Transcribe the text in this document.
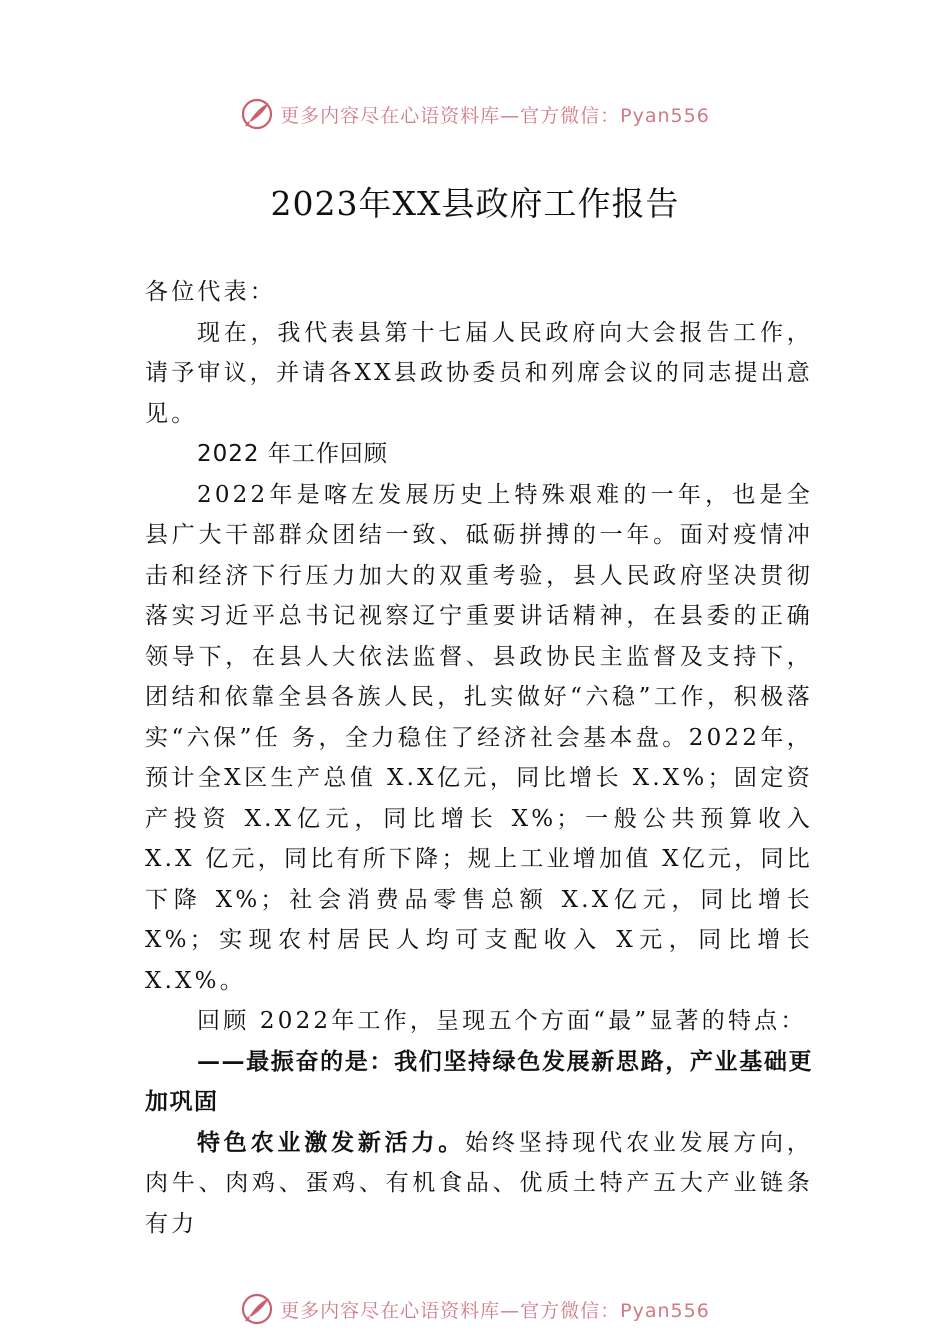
更多内容尽在心语资料库—官方微信：Pyan556
2023年XX县政府工作报告

各位代表：

现在，我代表县第十七届人民政府向大会报告工作，请予审议，并请各XX县政协委员和列席会议的同志提出意见。

2022 年工作回顾

2022年是喀左发展历史上特殊艰难的一年，也是全县广大干部群众团结一致、砥砺拼搏的一年。面对疫情冲击和经济下行压力加大的双重考验，县人民政府坚决贯彻落实习近平总书记视察辽宁重要讲话精神，在县委的正确领导下，在县人大依法监督、县政协民主监督及支持下，团结和依靠全县各族人民，扎实做好“六稳”工作，积极落实“六保”任 务，全力稳住了经济社会基本盘。2022年，预计全X区生产总值 X.X亿元，同比增长 X.X%；固定资产投资 X.X亿元，同比增长 X%；一般公共预算收入 X.X 亿元，同比有所下降；规上工业增加值 X亿元，同比下降 X%；社会消费品零售总额 X.X亿元，同比增长 X%；实现农村居民人均可支配收入 X元，同比增长 X.X%。

回顾 2022年工作，呈现五个方面“最”显著的特点：

——最振奋的是：我们坚持绿色发展新思路，产业基础更加巩固

特色农业激发新活力。始终坚持现代农业发展方向，肉牛、肉鸡、蛋鸡、有机食品、优质土特产五大产业链条有力

更多内容尽在心语资料库—官方微信：Pyan556
